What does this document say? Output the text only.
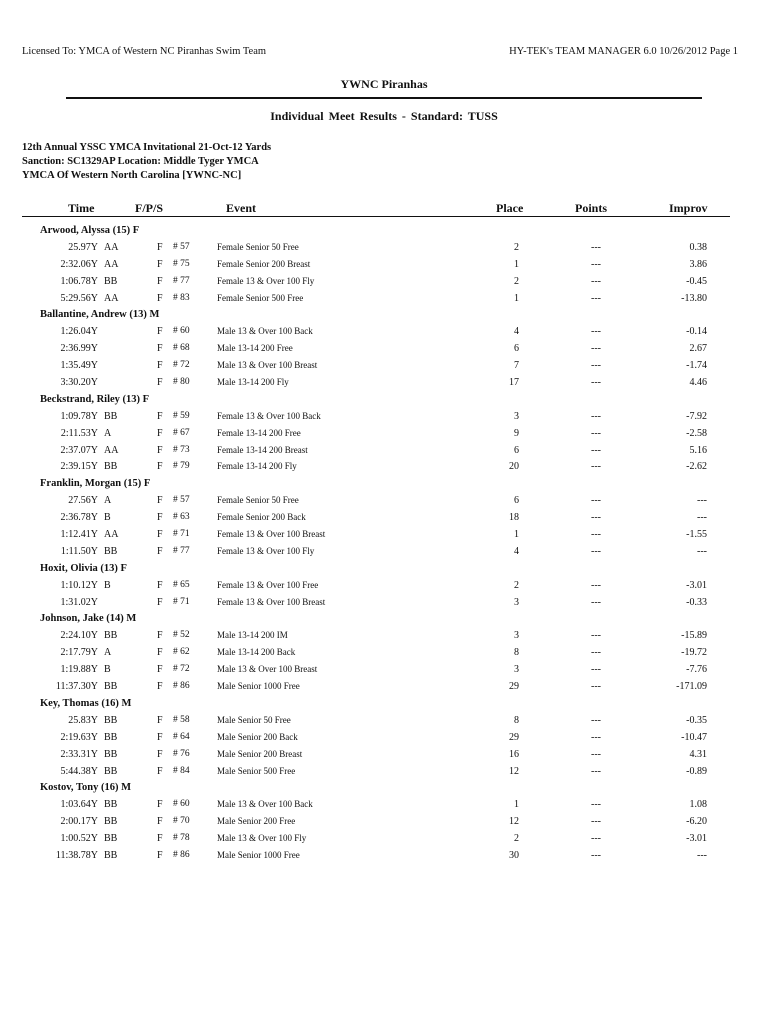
Licensed To: YMCA of Western NC Piranhas Swim Team	HY-TEK's TEAM MANAGER 6.0 10/26/2012 Page 1
YWNC Piranhas
Individual Meet Results - Standard: TUSS
12th Annual YSSC YMCA Invitational 21-Oct-12 Yards
Sanction: SC1329AP Location: Middle Tyger YMCA
YMCA Of Western North Carolina [YWNC-NC]
Time	F/P/S	Event	Place	Points	Improv
Arwood, Alyssa (15) F
25.97Y AA	F # 57	Female Senior 50 Free	2	---	0.38
2:32.06Y AA	F # 75	Female Senior 200 Breast	1	---	3.86
1:06.78Y BB	F # 77	Female 13 & Over 100 Fly	2	---	-0.45
5:29.56Y AA	F # 83	Female Senior 500 Free	1	---	-13.80
Ballantine, Andrew (13) M
1:26.04Y	F # 60	Male 13 & Over 100 Back	4	---	-0.14
2:36.99Y	F # 68	Male 13-14 200 Free	6	---	2.67
1:35.49Y	F # 72	Male 13 & Over 100 Breast	7	---	-1.74
3:30.20Y	F # 80	Male 13-14 200 Fly	17	---	4.46
Beckstrand, Riley (13) F
1:09.78Y BB	F # 59	Female 13 & Over 100 Back	3	---	-7.92
2:11.53Y A	F # 67	Female 13-14 200 Free	9	---	-2.58
2:37.07Y AA	F # 73	Female 13-14 200 Breast	6	---	5.16
2:39.15Y BB	F # 79	Female 13-14 200 Fly	20	---	-2.62
Franklin, Morgan (15) F
27.56Y A	F # 57	Female Senior 50 Free	6	---	---
2:36.78Y B	F # 63	Female Senior 200 Back	18	---	---
1:12.41Y AA	F # 71	Female 13 & Over 100 Breast	1	---	-1.55
1:11.50Y BB	F # 77	Female 13 & Over 100 Fly	4	---	---
Hoxit, Olivia (13) F
1:10.12Y B	F # 65	Female 13 & Over 100 Free	2	---	-3.01
1:31.02Y	F # 71	Female 13 & Over 100 Breast	3	---	-0.33
Johnson, Jake (14) M
2:24.10Y BB	F # 52	Male 13-14 200 IM	3	---	-15.89
2:17.79Y A	F # 62	Male 13-14 200 Back	8	---	-19.72
1:19.88Y B	F # 72	Male 13 & Over 100 Breast	3	---	-7.76
11:37.30Y BB	F # 86	Male Senior 1000 Free	29	---	-171.09
Key, Thomas (16) M
25.83Y BB	F # 58	Male Senior 50 Free	8	---	-0.35
2:19.63Y BB	F # 64	Male Senior 200 Back	29	---	-10.47
2:33.31Y BB	F # 76	Male Senior 200 Breast	16	---	4.31
5:44.38Y BB	F # 84	Male Senior 500 Free	12	---	-0.89
Kostov, Tony (16) M
1:03.64Y BB	F # 60	Male 13 & Over 100 Back	1	---	1.08
2:00.17Y BB	F # 70	Male Senior 200 Free	12	---	-6.20
1:00.52Y BB	F # 78	Male 13 & Over 100 Fly	2	---	-3.01
11:38.78Y BB	F # 86	Male Senior 1000 Free	30	---	---
